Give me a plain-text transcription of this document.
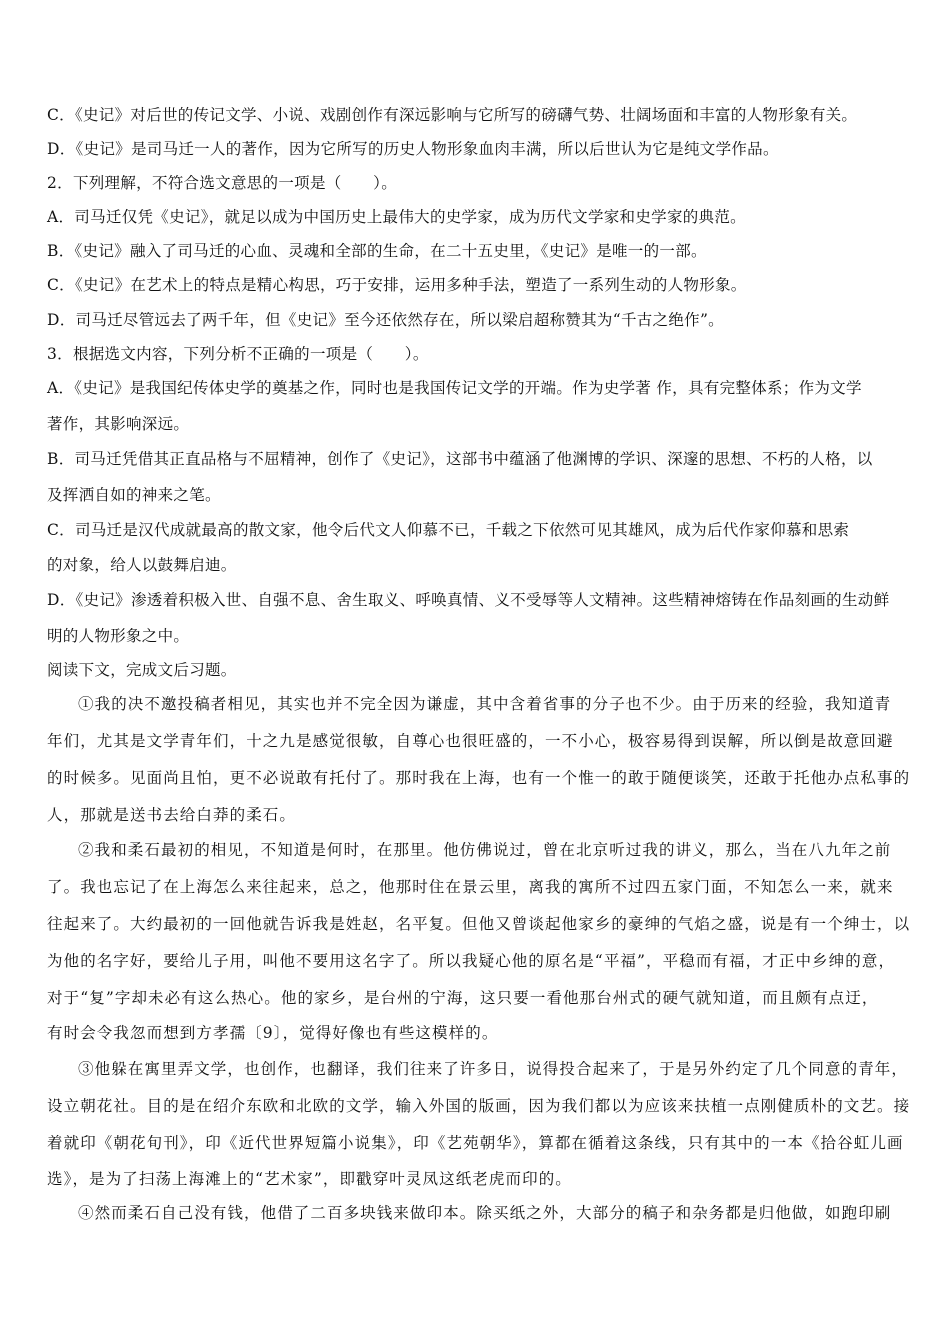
C．《史记》对后世的传记文学、小说、戏剧创作有深远影响与它所写的磅礴气势、壮阔场面和丰富的人物形象有关。
D．《史记》是司马迁一人的著作，因为它所写的历史人物形象血肉丰满，所以后世认为它是纯文学作品。
2．下列理解，不符合选文意思的一项是（　　）。
A．司马迁仅凭《史记》，就足以成为中国历史上最伟大的史学家，成为历代文学家和史学家的典范。
B．《史记》融入了司马迁的心血、灵魂和全部的生命，在二十五史里，《史记》是唯一的一部。
C．《史记》在艺术上的特点是精心构思，巧于安排，运用多种手法，塑造了一系列生动的人物形象。
D．司马迁尽管远去了两千年，但《史记》至今还依然存在，所以梁启超称赞其为“千古之绝作”。
3．根据选文内容，下列分析不正确的一项是（　　）。
A．《史记》是我国纪传体史学的奠基之作，同时也是我国传记文学的开端。作为史学著 作，具有完整体系；作为文学
著作，其影响深远。
B．司马迁凭借其正直品格与不屈精神，创作了《史记》，这部书中蕴涵了他渊博的学识、深邃的思想、不朽的人格，以
及挥洒自如的神来之笔。
C．司马迁是汉代成就最高的散文家，他令后代文人仰慕不已，千载之下依然可见其雄风，成为后代作家仰慕和思索
的对象，给人以鼓舞启迪。
D．《史记》渗透着积极入世、自强不息、舍生取义、呼唤真情、义不受辱等人文精神。这些精神熔铸在作品刻画的生动鲜
明的人物形象之中。
阅读下文，完成文后习题。
①我的决不邀投稿者相见，其实也并不完全因为谦虚，其中含着省事的分子也不少。由于历来的经验，我知道青
年们，尤其是文学青年们，十之九是感觉很敏，自尊心也很旺盛的，一不小心，极容易得到误解，所以倒是故意回避
的时候多。见面尚且怕，更不必说敢有托付了。那时我在上海，也有一个惟一的敢于随便谈笑，还敢于托他办点私事的
人，那就是送书去给白莽的柔石。
②我和柔石最初的相见，不知道是何时，在那里。他仿佛说过，曾在北京听过我的讲义，那么，当在八九年之前
了。我也忘记了在上海怎么来往起来，总之，他那时住在景云里，离我的寓所不过四五家门面，不知怎么一来，就来
往起来了。大约最初的一回他就告诉我是姓赵，名平复。但他又曾谈起他家乡的豪绅的气焰之盛，说是有一个绅士，以
为他的名字好，要给儿子用，叫他不要用这名字了。所以我疑心他的原名是“平福”，平稳而有福，才正中乡绅的意，
对于“复”字却未必有这么热心。他的家乡，是台州的宁海，这只要一看他那台州式的硬气就知道，而且颇有点迂，
有时会令我忽而想到方孝孺〔9〕，觉得好像也有些这模样的。
③他躲在寓里弄文学，也创作，也翻译，我们往来了许多日，说得投合起来了，于是另外约定了几个同意的青年，
设立朝花社。目的是在绍介东欧和北欧的文学，输入外国的版画，因为我们都以为应该来扶植一点刚健质朴的文艺。接
着就印《朝花旬刊》，印《近代世界短篇小说集》，印《艺苑朝华》，算都在循着这条线，只有其中的一本《拾谷虹儿画
选》，是为了扫荡上海滩上的“艺术家”，即戳穿叶灵凤这纸老虎而印的。
④然而柔石自己没有钱，他借了二百多块钱来做印本。除买纸之外，大部分的稿子和杂务都是归他做，如跑印刷
